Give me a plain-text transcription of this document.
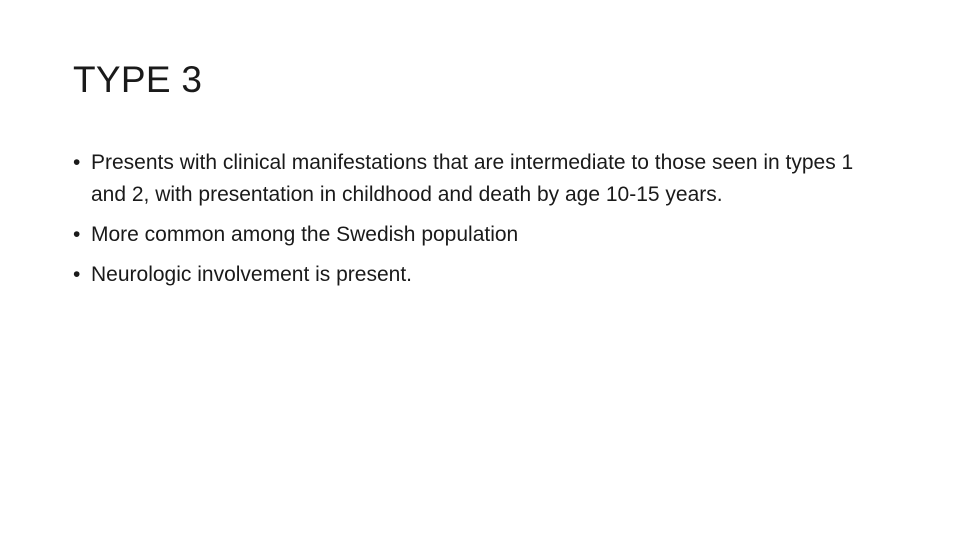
TYPE 3
• Presents with clinical manifestations that are intermediate to those seen in types 1 and 2, with presentation in childhood and death by age 10-15 years.
• More common among the Swedish population
• Neurologic involvement is present.
